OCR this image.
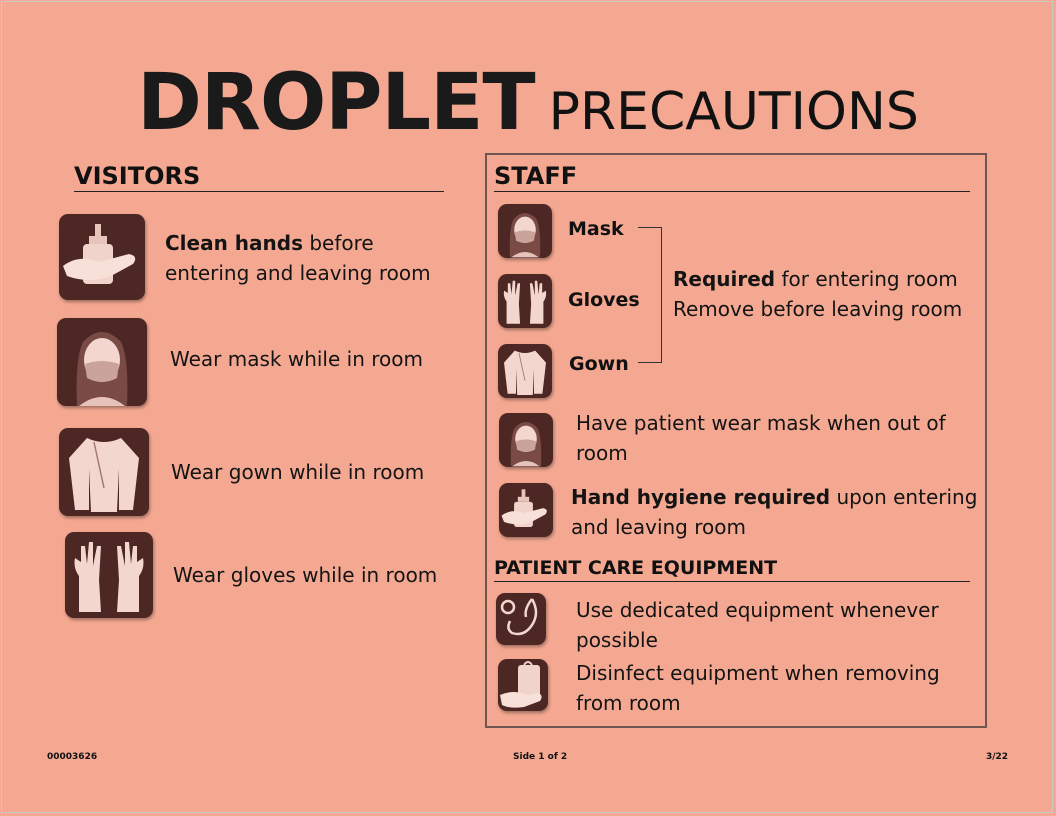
DROPLET PRECAUTIONS
VISITORS
Clean hands before
entering and leaving room
Wear mask while in room
Wear gown while in room
Wear gloves while in room
STAFF
Mask
Gloves
Gown
Required for entering room
Remove before leaving room
Have patient wear mask when out of
room
Hand hygiene required upon entering
and leaving room
PATIENT CARE EQUIPMENT
Use dedicated equipment whenever
possible
Disinfect equipment when removing
from room
00003626	Side 1 of 2	3/22
